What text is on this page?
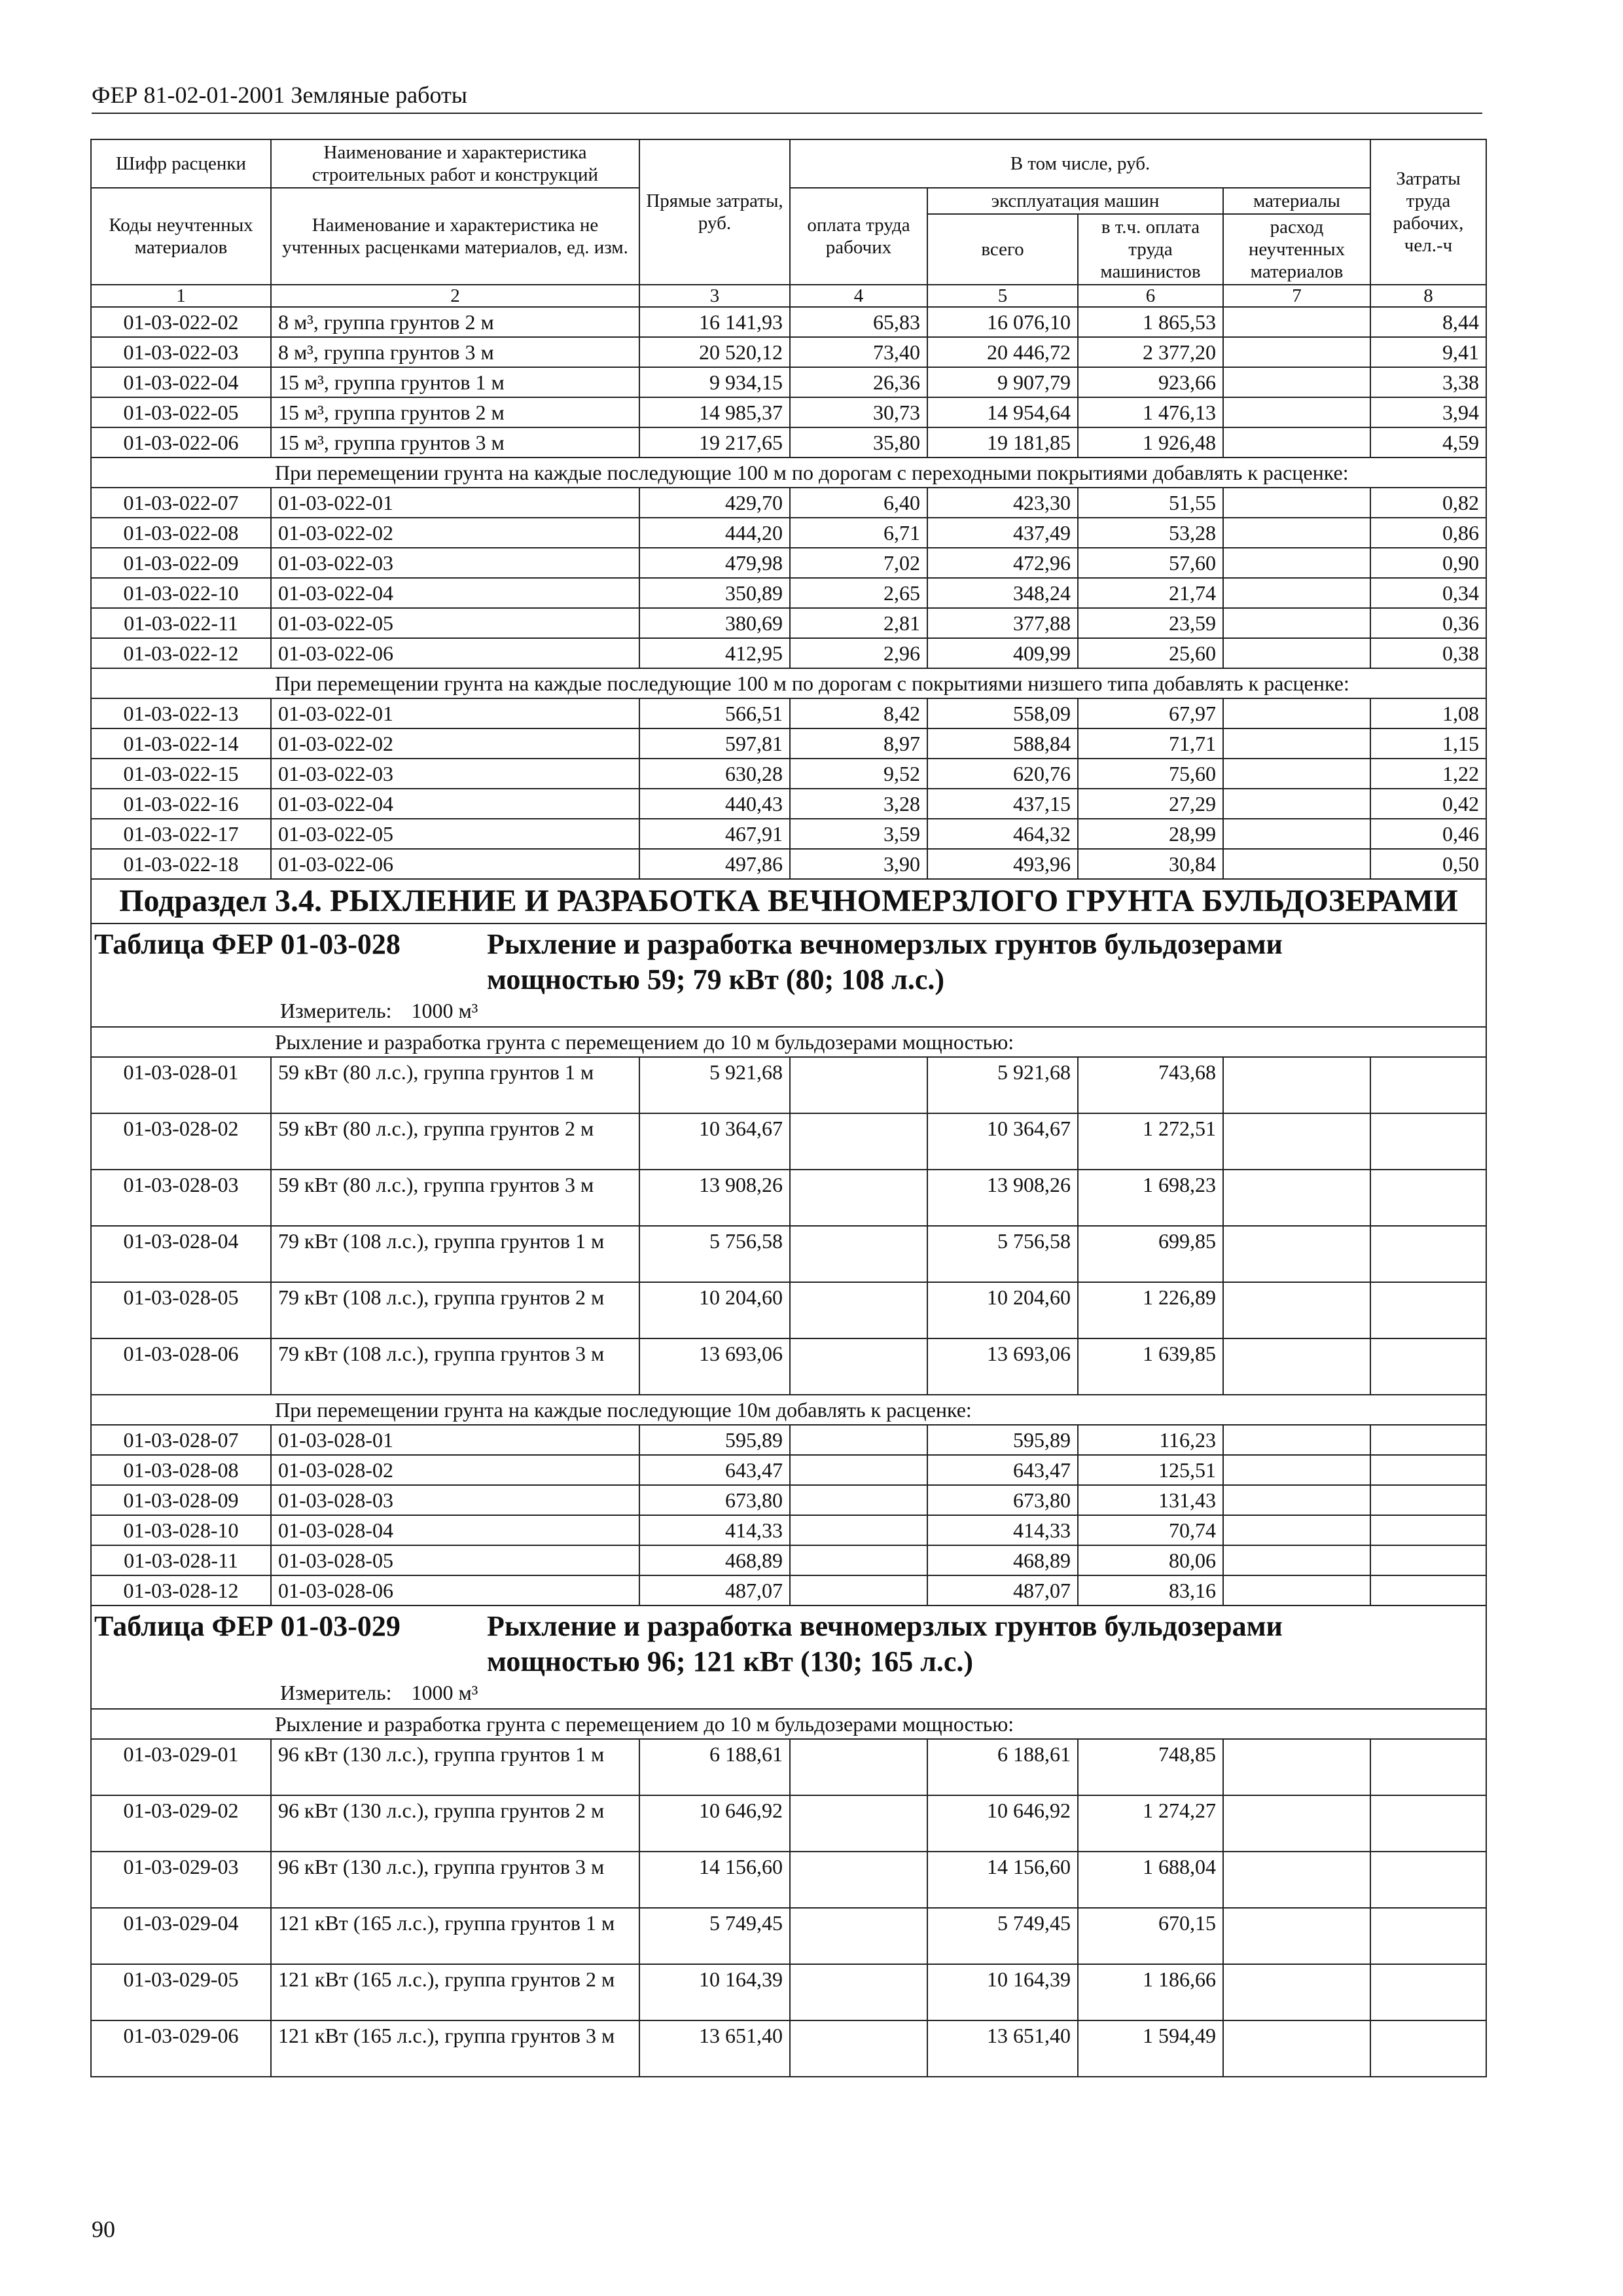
ФЕР 81-02-01-2001 Земляные работы
Шифр расценки	Наименование и характеристика строительных работ и конструкций	Прямые затраты, руб.	В том числе, руб.				Затраты труда рабочих, чел.-ч
Коды неучтенных материалов	Наименование и характеристика не учтенных расценками материалов, ед. изм.		оплата труда рабочих	эксплуатация машин		материалы	
				всего	в т.ч. оплата труда машинистов	расход неучтенных материалов	
1	2	3	4	5	6	7	8
01-03-022-02	8 м³, группа грунтов 2 м	16 141,93	65,83	16 076,10	1 865,53		8,44
01-03-022-03	8 м³, группа грунтов 3 м	20 520,12	73,40	20 446,72	2 377,20		9,41
01-03-022-04	15 м³, группа грунтов 1 м	9 934,15	26,36	9 907,79	923,66		3,38
01-03-022-05	15 м³, группа грунтов 2 м	14 985,37	30,73	14 954,64	1 476,13		3,94
01-03-022-06	15 м³, группа грунтов 3 м	19 217,65	35,80	19 181,85	1 926,48		4,59
При перемещении грунта на каждые последующие 100 м по дорогам с переходными покрытиями добавлять к расценке:							
01-03-022-07	01-03-022-01	429,70	6,40	423,30	51,55		0,82
01-03-022-08	01-03-022-02	444,20	6,71	437,49	53,28		0,86
01-03-022-09	01-03-022-03	479,98	7,02	472,96	57,60		0,90
01-03-022-10	01-03-022-04	350,89	2,65	348,24	21,74		0,34
01-03-022-11	01-03-022-05	380,69	2,81	377,88	23,59		0,36
01-03-022-12	01-03-022-06	412,95	2,96	409,99	25,60		0,38
При перемещении грунта на каждые последующие 100 м по дорогам с покрытиями низшего типа добавлять к расценке:							
01-03-022-13	01-03-022-01	566,51	8,42	558,09	67,97		1,08
01-03-022-14	01-03-022-02	597,81	8,97	588,84	71,71		1,15
01-03-022-15	01-03-022-03	630,28	9,52	620,76	75,60		1,22
01-03-022-16	01-03-022-04	440,43	3,28	437,15	27,29		0,42
01-03-022-17	01-03-022-05	467,91	3,59	464,32	28,99		0,46
01-03-022-18	01-03-022-06	497,86	3,90	493,96	30,84		0,50
Подраздел 3.4. РЫХЛЕНИЕ И РАЗРАБОТКА ВЕЧНОМЕРЗЛОГО ГРУНТА БУЛЬДОЗЕРАМИ							
Таблица ФЕР 01-03-028 Рыхление и разработка вечномерзлых грунтов бульдозерами мощностью 59; 79 кВт (80; 108 л.с.)
Измеритель: 1000 м³							

Рыхление и разработка грунта с перемещением до 10 м бульдозерами мощностью:							
01-03-028-01	59 кВт (80 л.с.), группа грунтов 1 м	5 921,68		5 921,68	743,68		
01-03-028-02	59 кВт (80 л.с.), группа грунтов 2 м	10 364,67		10 364,67	1 272,51		
01-03-028-03	59 кВт (80 л.с.), группа грунтов 3 м	13 908,26		13 908,26	1 698,23		
01-03-028-04	79 кВт (108 л.с.), группа грунтов 1 м	5 756,58		5 756,58	699,85		
01-03-028-05	79 кВт (108 л.с.), группа грунтов 2 м	10 204,60		10 204,60	1 226,89		
01-03-028-06	79 кВт (108 л.с.), группа грунтов 3 м	13 693,06		13 693,06	1 639,85		
При перемещении грунта на каждые последующие 10м добавлять к расценке:							
01-03-028-07	01-03-028-01	595,89		595,89	116,23		
01-03-028-08	01-03-028-02	643,47		643,47	125,51		
01-03-028-09	01-03-028-03	673,80		673,80	131,43		
01-03-028-10	01-03-028-04	414,33		414,33	70,74		
01-03-028-11	01-03-028-05	468,89		468,89	80,06		
01-03-028-12	01-03-028-06	487,07		487,07	83,16		
Таблица ФЕР 01-03-029 Рыхление и разработка вечномерзлых грунтов бульдозерами мощностью 96; 121 кВт (130; 165 л.с.)
Измеритель: 1000 м³							

Рыхление и разработка грунта с перемещением до 10 м бульдозерами мощностью:							
01-03-029-01	96 кВт (130 л.с.), группа грунтов 1 м	6 188,61		6 188,61	748,85		
01-03-029-02	96 кВт (130 л.с.), группа грунтов 2 м	10 646,92		10 646,92	1 274,27		
01-03-029-03	96 кВт (130 л.с.), группа грунтов 3 м	14 156,60		14 156,60	1 688,04		
01-03-029-04	121 кВт (165 л.с.), группа грунтов 1 м	5 749,45		5 749,45	670,15		
01-03-029-05	121 кВт (165 л.с.), группа грунтов 2 м	10 164,39		10 164,39	1 186,66		
01-03-029-06	121 кВт (165 л.с.), группа грунтов 3 м	13 651,40		13 651,40	1 594,49		
90
